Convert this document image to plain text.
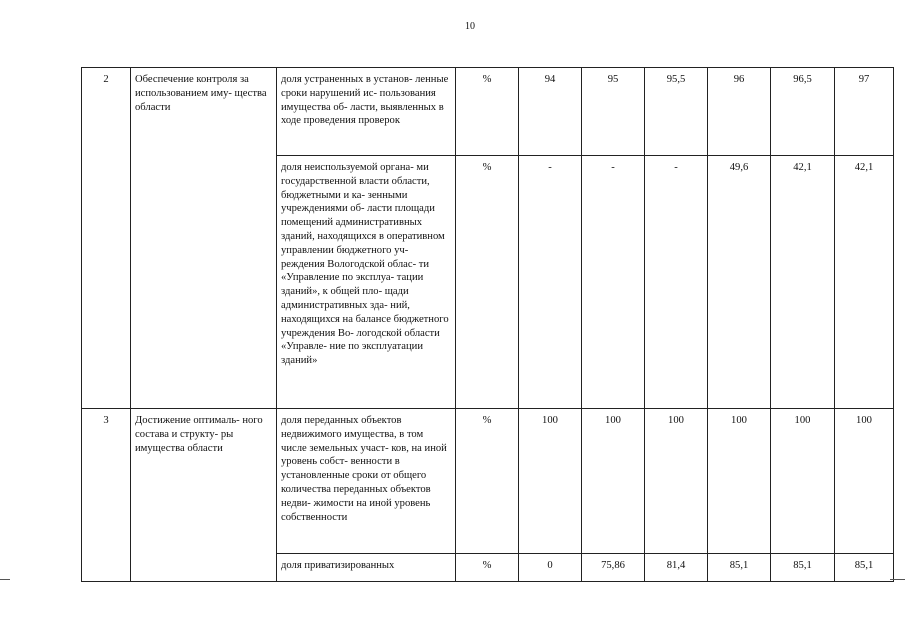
10
2	Обеспечение контроля за использованием иму- щества области	доля устраненных в установ- ленные сроки нарушений ис- пользования имущества об- ласти, выявленных в ходе проведения проверок	%	94	95	95,5	96	96,5	97
		доля неиспользуемой органа- ми государственной власти области, бюджетными и ка- зенными учреждениями об- ласти площади помещений административных зданий, находящихся в оперативном управлении бюджетного уч- реждения Вологодской облас- ти «Управление по эксплуа- тации зданий», к общей пло- щади административных зда- ний, находящихся на балансе бюджетного учреждения Во- логодской области «Управле- ние по эксплуатации зданий»	%	-	-	-	49,6	42,1	42,1
3	Достижение оптималь- ного состава и структу- ры имущества области	доля переданных объектов недвижимого имущества, в том числе земельных участ- ков, на иной уровень собст- венности в установленные сроки от общего количества переданных объектов недви- жимости на иной уровень собственности	%	100	100	100	100	100	100
		доля приватизированных	%	0	75,86	81,4	85,1	85,1	85,1
